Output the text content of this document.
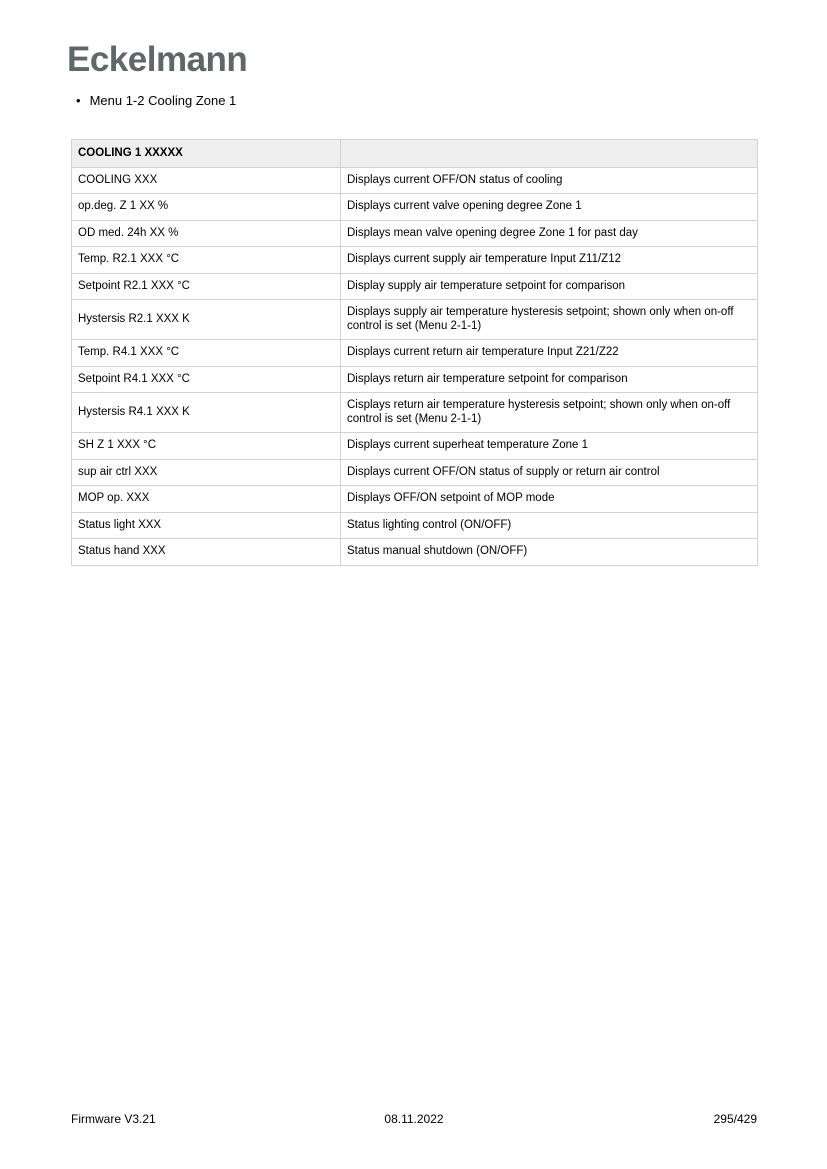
Eckelmann
• Menu 1-2 Cooling Zone 1
COOLING 1 XXXXX	
COOLING XXX	Displays current OFF/ON status of cooling
op.deg. Z 1 XX %	Displays current valve opening degree Zone 1
OD med. 24h XX %	Displays mean valve opening degree Zone 1 for past day
Temp. R2.1 XXX °C	Displays current supply air temperature Input Z11/Z12
Setpoint R2.1 XXX °C	Display supply air temperature setpoint for comparison
Hystersis R2.1 XXX K	Displays supply air temperature hysteresis setpoint; shown only when on-off control is set (Menu 2-1-1)
Temp. R4.1 XXX °C	Displays current return air temperature Input Z21/Z22
Setpoint R4.1 XXX °C	Displays return air temperature setpoint for comparison
Hystersis R4.1 XXX K	Cisplays return air temperature hysteresis setpoint; shown only when on-off control is set (Menu 2-1-1)
SH Z 1 XXX °C	Displays current superheat temperature Zone 1
sup air ctrl XXX	Displays current OFF/ON status of supply or return air control
MOP op. XXX	Displays OFF/ON setpoint of MOP mode
Status light XXX	Status lighting control (ON/OFF)
Status hand XXX	Status manual shutdown (ON/OFF)
Firmware V3.21	08.11.2022	295/429
